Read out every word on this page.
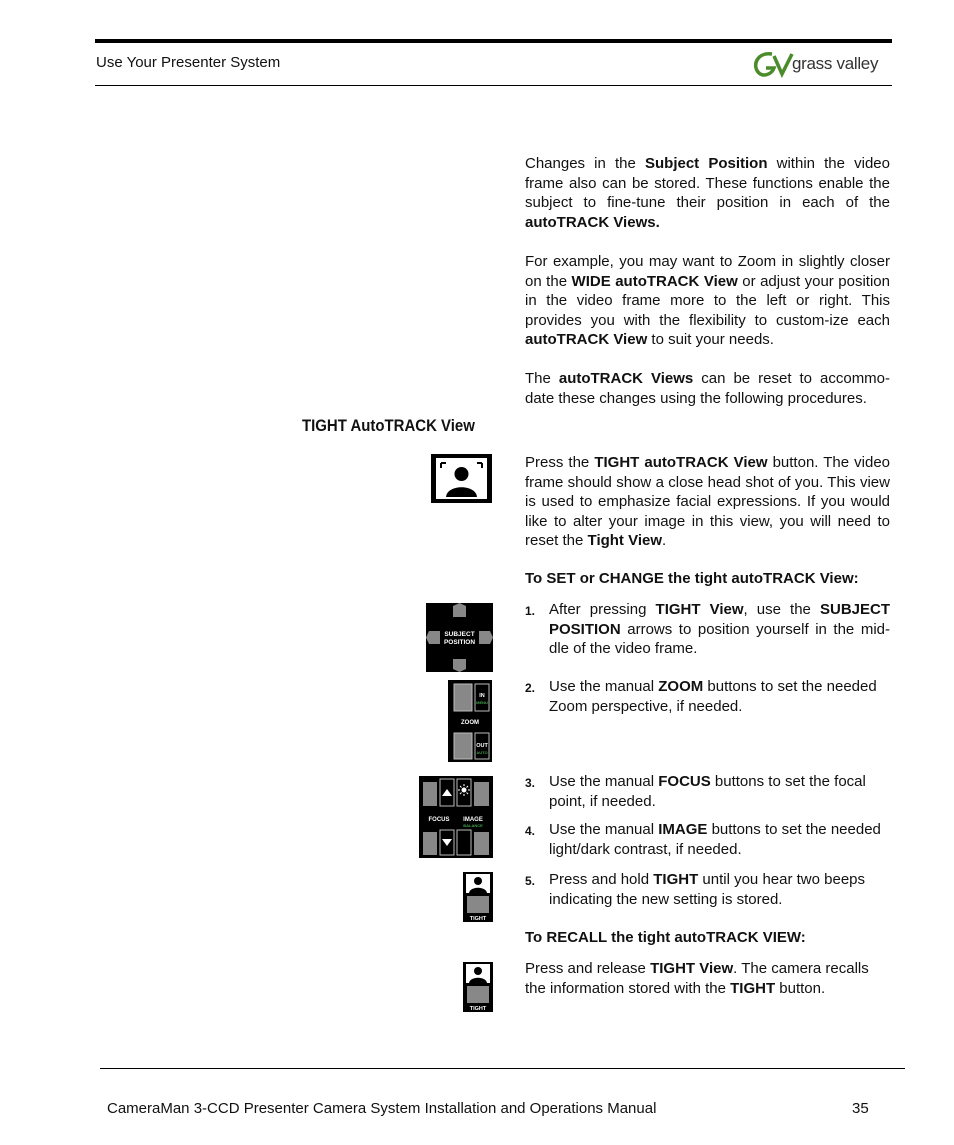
Use Your Presenter System	grass valley
Changes in the Subject Position within the video frame also can be stored. These functions enable the subject to fine-tune their position in each of the autoTRACK Views.
For example, you may want to Zoom in slightly closer on the WIDE autoTRACK View or adjust your position in the video frame more to the left or right. This provides you with the flexibility to custom-ize each autoTRACK View to suit your needs.
The autoTRACK Views can be reset to accommo-date these changes using the following procedures.
TIGHT AutoTRACK View
Press the TIGHT autoTRACK View button. The video frame should show a close head shot of you. This view is used to emphasize facial expressions. If you would like to alter your image in this view, you will need to reset the Tight View.
To SET or CHANGE the tight autoTRACK View:
SUBJECT
POSITION
1. After pressing TIGHT View, use the SUBJECT POSITION arrows to position yourself in the mid-dle of the video frame.
IN
MENU
ZOOM
OUT
AUTO
2. Use the manual ZOOM buttons to set the needed Zoom perspective, if needed.
FOCUS IMAGE
BALANCE
3. Use the manual FOCUS buttons to set the focal point, if needed.
4. Use the manual IMAGE buttons to set the needed light/dark contrast, if needed.
TIGHT
5. Press and hold TIGHT until you hear two beeps indicating the new setting is stored.
To RECALL the tight autoTRACK VIEW:
TIGHT
Press and release TIGHT View. The camera recalls the information stored with the TIGHT button.
CameraMan 3-CCD Presenter Camera System Installation and Operations Manual	35
